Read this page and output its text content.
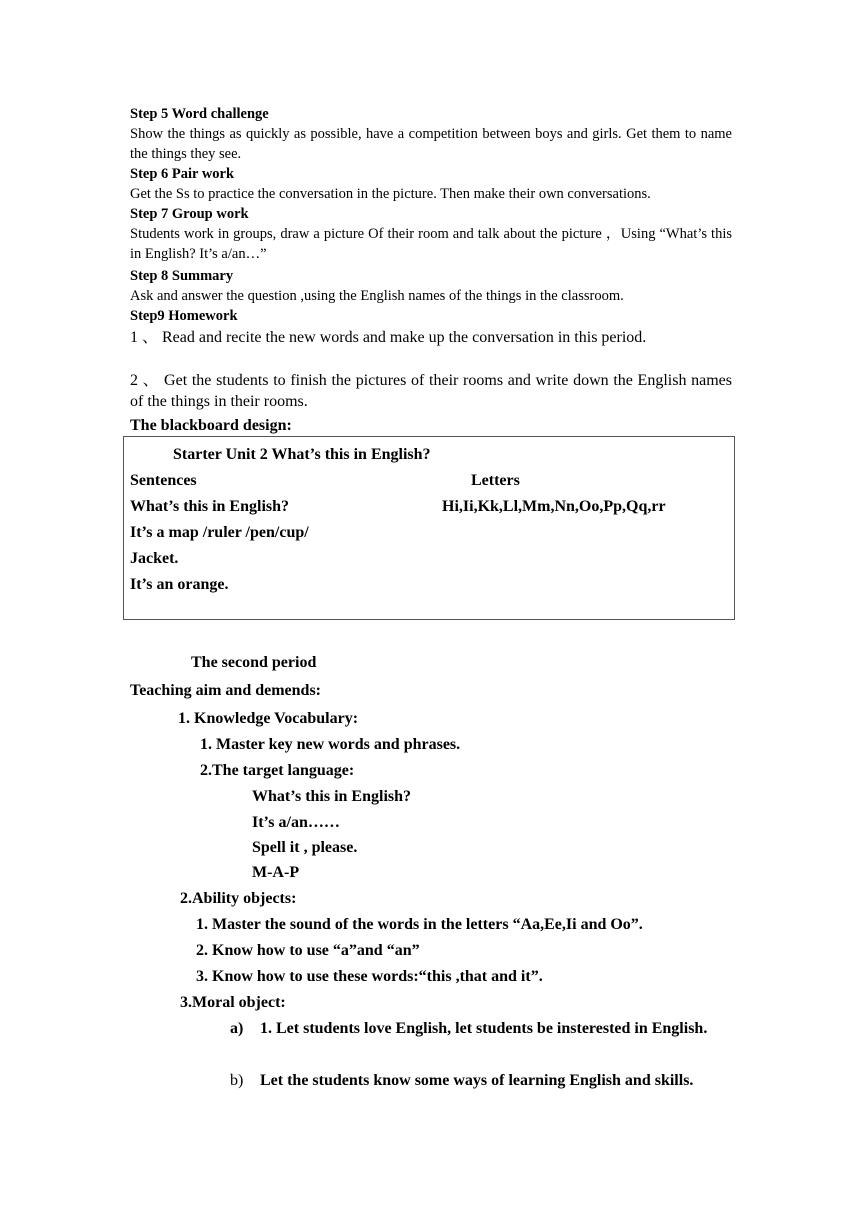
Step 5 Word challenge
Show the things as quickly as possible, have a competition between boys and girls. Get them to name the things they see.
Step 6 Pair work
Get the Ss to practice the conversation in the picture. Then make their own conversations.
Step 7 Group work
Students work in groups, draw a picture Of their room and talk about the picture ，Using “What’s this in English? It’s a/an…”
Step 8 Summary
Ask and answer the question ,using the English names of the things in the classroom.
Step9 Homework
1 、 Read and recite the new words and make up the conversation in this period.
2 、 Get the students to finish the pictures of their rooms and write down the English names of the things in their rooms.
The blackboard design:
Starter Unit 2 What’s this in English?
Sentences	Letters
What’s this in English?	Hi,Ii,Kk,Ll,Mm,Nn,Oo,Pp,Qq,rr
It’s a map /ruler /pen/cup/
Jacket.
It’s an orange.
The second period
Teaching aim and demends:
1. Knowledge Vocabulary:
1. Master key new words and phrases.
2.The target language:
What’s this in English?
It’s a/an……
Spell it , please.
M-A-P
2.Ability objects:
1. Master the sound of the words in the letters “Aa,Ee,Ii and Oo”.
2. Know how to use “a”and “an”
3. Know how to use these words:“this ,that and it”.
3.Moral object:
a) 1. Let students love English, let students be insterested in English.
b) Let the students know some ways of learning English and skills.
